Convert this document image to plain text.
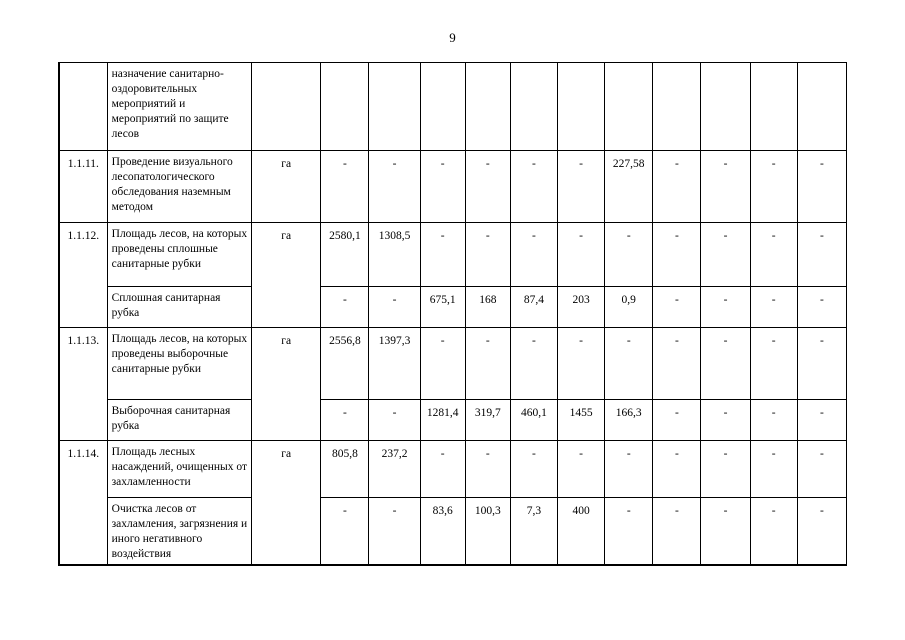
9
	назначение санитарно-оздоровительных мероприятий и мероприятий по защите лесов												
1.1.11.	Проведение визуального лесопатологического обследования наземным методом	га	-	-	-	-	-	-	227,58	-	-	-	-
1.1.12.	Площадь лесов, на которых проведены сплошные санитарные рубки	га	2580,1	1308,5	-	-	-	-	-	-	-	-	-
	Сплошная санитарная рубка		-	-	675,1	168	87,4	203	0,9	-	-	-	-
1.1.13.	Площадь лесов, на которых проведены выборочные санитарные рубки	га	2556,8	1397,3	-	-	-	-	-	-	-	-	-
	Выборочная санитарная рубка		-	-	1281,4	319,7	460,1	1455	166,3	-	-	-	-
1.1.14.	Площадь лесных насаждений, очищенных от захламленности	га	805,8	237,2	-	-	-	-	-	-	-	-	-
	Очистка лесов от захламления, загрязнения и иного негативного воздействия		-	-	83,6	100,3	7,3	400	-	-	-	-	-
